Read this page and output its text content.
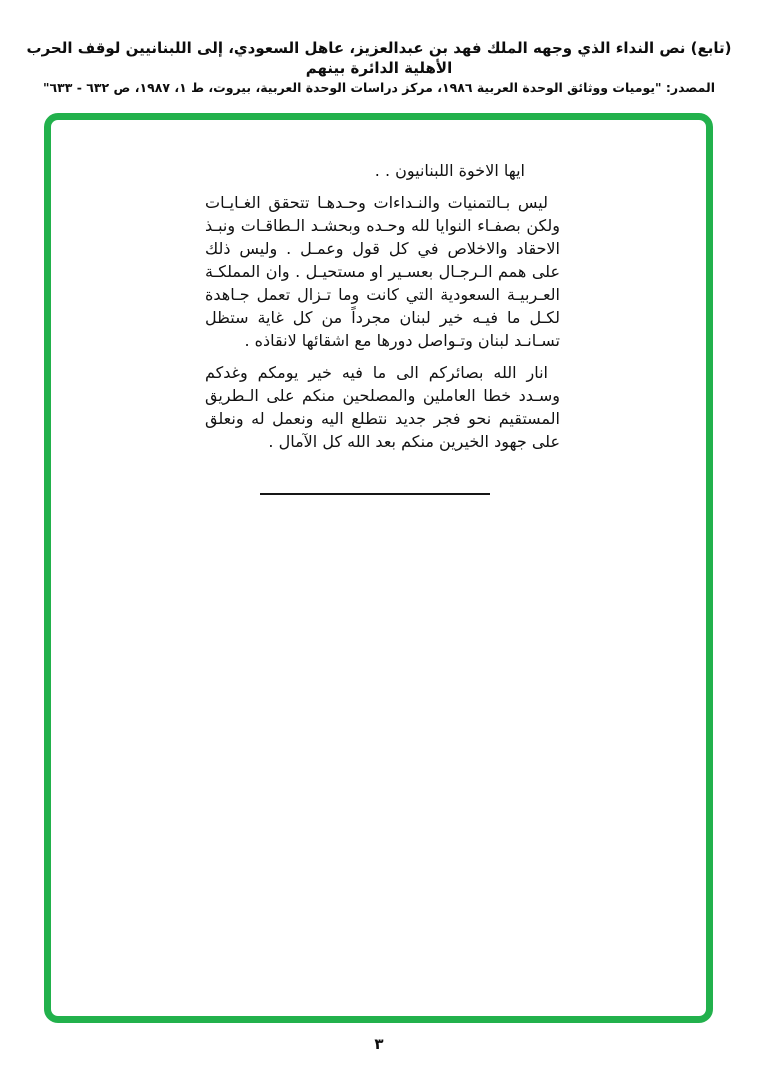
(تابع) نص النداء الذي وجهه الملك فهد بن عبدالعزيز، عاهل السعودي، إلى اللبنانيين لوقف الحرب الأهلية الدائرة بينهم
المصدر: "يوميات ووثائق الوحدة العربية ١٩٨٦، مركز دراسات الوحدة العربية، بيروت، ط ١، ١٩٨٧، ص ٦٣٢ - ٦٣٣"

ايها الاخوة اللبنانيون . .

ليس بـالتمنيات والنـداءات وحـدهـا تتحقق الغـايـات ولكن بصفـاء النوايا لله وحـده وبحشـد الـطاقـات ونبـذ الاحقاد والاخلاص في كل قول وعمـل . وليس ذلك على همم الـرجـال بعسـير او مستحيـل . وان المملكـة العـربيـة السعودية التي كانت وما تـزال تعمل جـاهدة لكـل ما فيـه خير لبنان مجرداً من كل غاية ستظل تسـانـد لبنان وتـواصل دورها مع اشقائها لانقاذه .

انار الله بصائركم الى ما فيه خير يومكم وغدكم وسـدد خطا العاملين والمصلحين منكم على الـطريق المستقيم نحو فجر جديد نتطلع اليه ونعمل له ونعلق على جهود الخيرين منكم بعد الله كل الآمال .

٣
